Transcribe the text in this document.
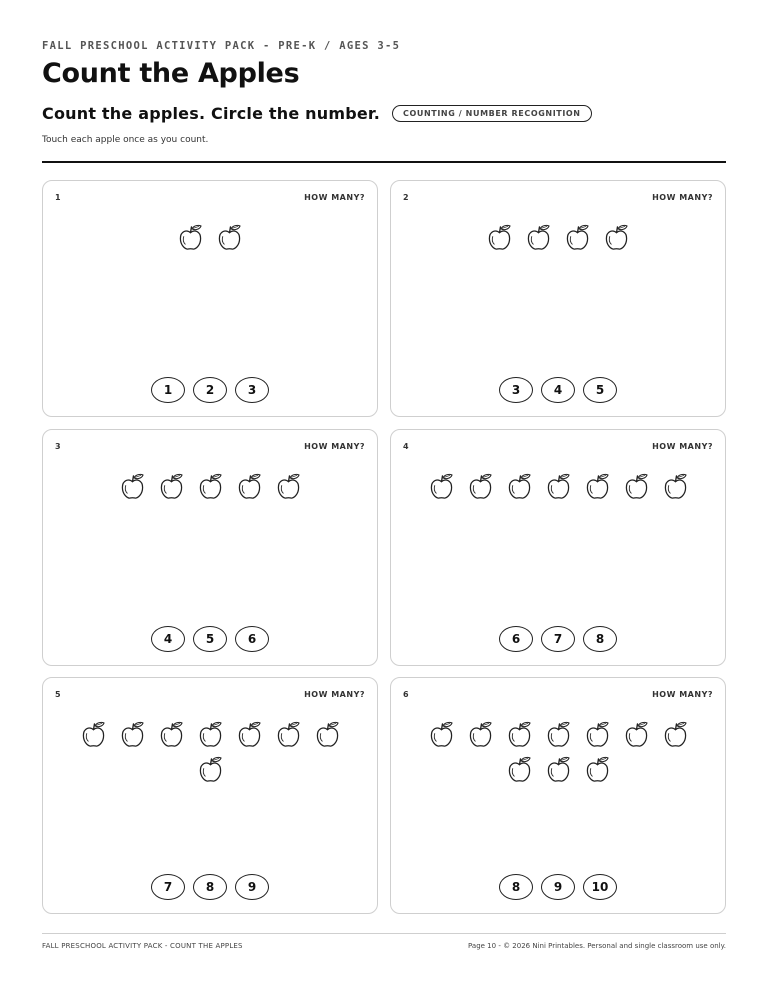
FALL PRESCHOOL ACTIVITY PACK - PRE-K / AGES 3-5
Count the Apples
Count the apples. Circle the number.	COUNTING / NUMBER RECOGNITION
Touch each apple once as you count.
1	HOW MANY?
1	2	3
2	HOW MANY?
3	4	5
3	HOW MANY?
4	5	6
4	HOW MANY?
6	7	8
5	HOW MANY?
7	8	9
6	HOW MANY?
8	9	10
FALL PRESCHOOL ACTIVITY PACK - COUNT THE APPLES	Page 10 - © 2026 Nini Printables. Personal and single classroom use only.
